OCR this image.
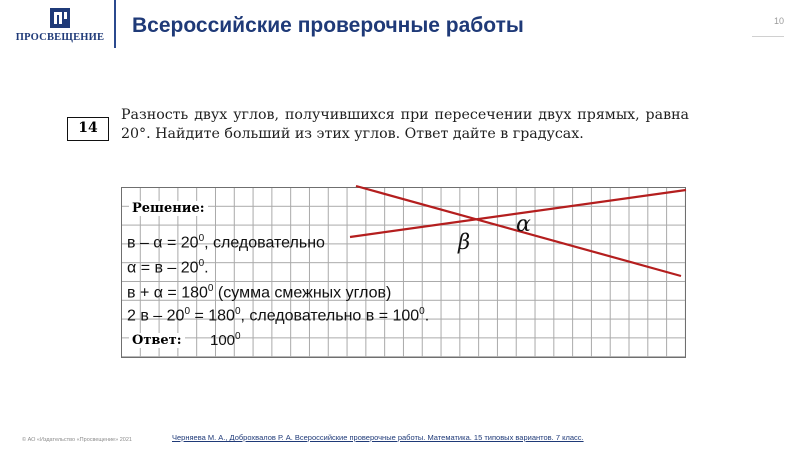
ПРОСВЕЩЕНИЕ
Всероссийские проверочные работы	10
14
Разность двух углов, получившихся при пересечении двух прямых, равна 20°. Найдите больший из этих углов. Ответ дайте в градусах.
α
β
Решение:
$в - \alpha = 20^0$, следовательно
$\alpha = в - 20^0$.
$в + \alpha = 180^0$ (сумма смежных углов)
2 $в - 20^0 = 180^0$, следовательно $в = 100^0$.
Ответ: $100^0$
© АО «Издательство «Просвещение» 2021	Черняева М. А., Доброхвалов Р. А. Всероссийские проверочные работы. Математика. 15 типовых вариантов. 7 класс.
